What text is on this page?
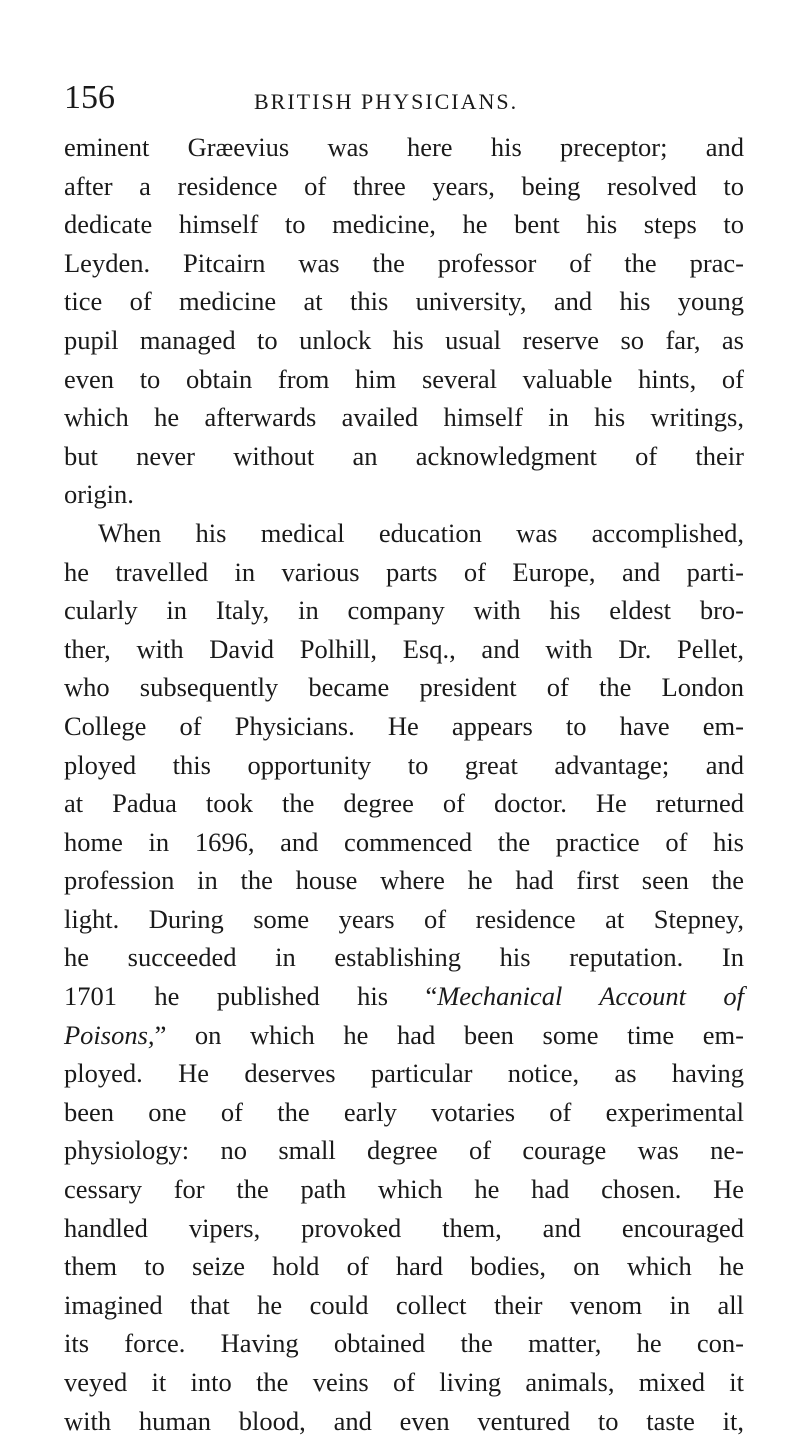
156	BRITISH PHYSICIANS.
eminent Græevius was here his preceptor; and
after a residence of three years, being resolved to
dedicate himself to medicine, he bent his steps to
Leyden. Pitcairn was the professor of the prac-
tice of medicine at this university, and his young
pupil managed to unlock his usual reserve so far, as
even to obtain from him several valuable hints, of
which he afterwards availed himself in his writings,
but never without an acknowledgment of their
origin.
When his medical education was accomplished,
he travelled in various parts of Europe, and parti-
cularly in Italy, in company with his eldest bro-
ther, with David Polhill, Esq., and with Dr. Pellet,
who subsequently became president of the London
College of Physicians. He appears to have em-
ployed this opportunity to great advantage; and
at Padua took the degree of doctor. He returned
home in 1696, and commenced the practice of his
profession in the house where he had first seen the
light. During some years of residence at Stepney,
he succeeded in establishing his reputation. In
1701 he published his “Mechanical Account of
Poisons,” on which he had been some time em-
ployed. He deserves particular notice, as having
been one of the early votaries of experimental
physiology: no small degree of courage was ne-
cessary for the path which he had chosen. He
handled vipers, provoked them, and encouraged
them to seize hold of hard bodies, on which he
imagined that he could collect their venom in all
its force. Having obtained the matter, he con-
veyed it into the veins of living animals, mixed it
with human blood, and even ventured to taste it,
